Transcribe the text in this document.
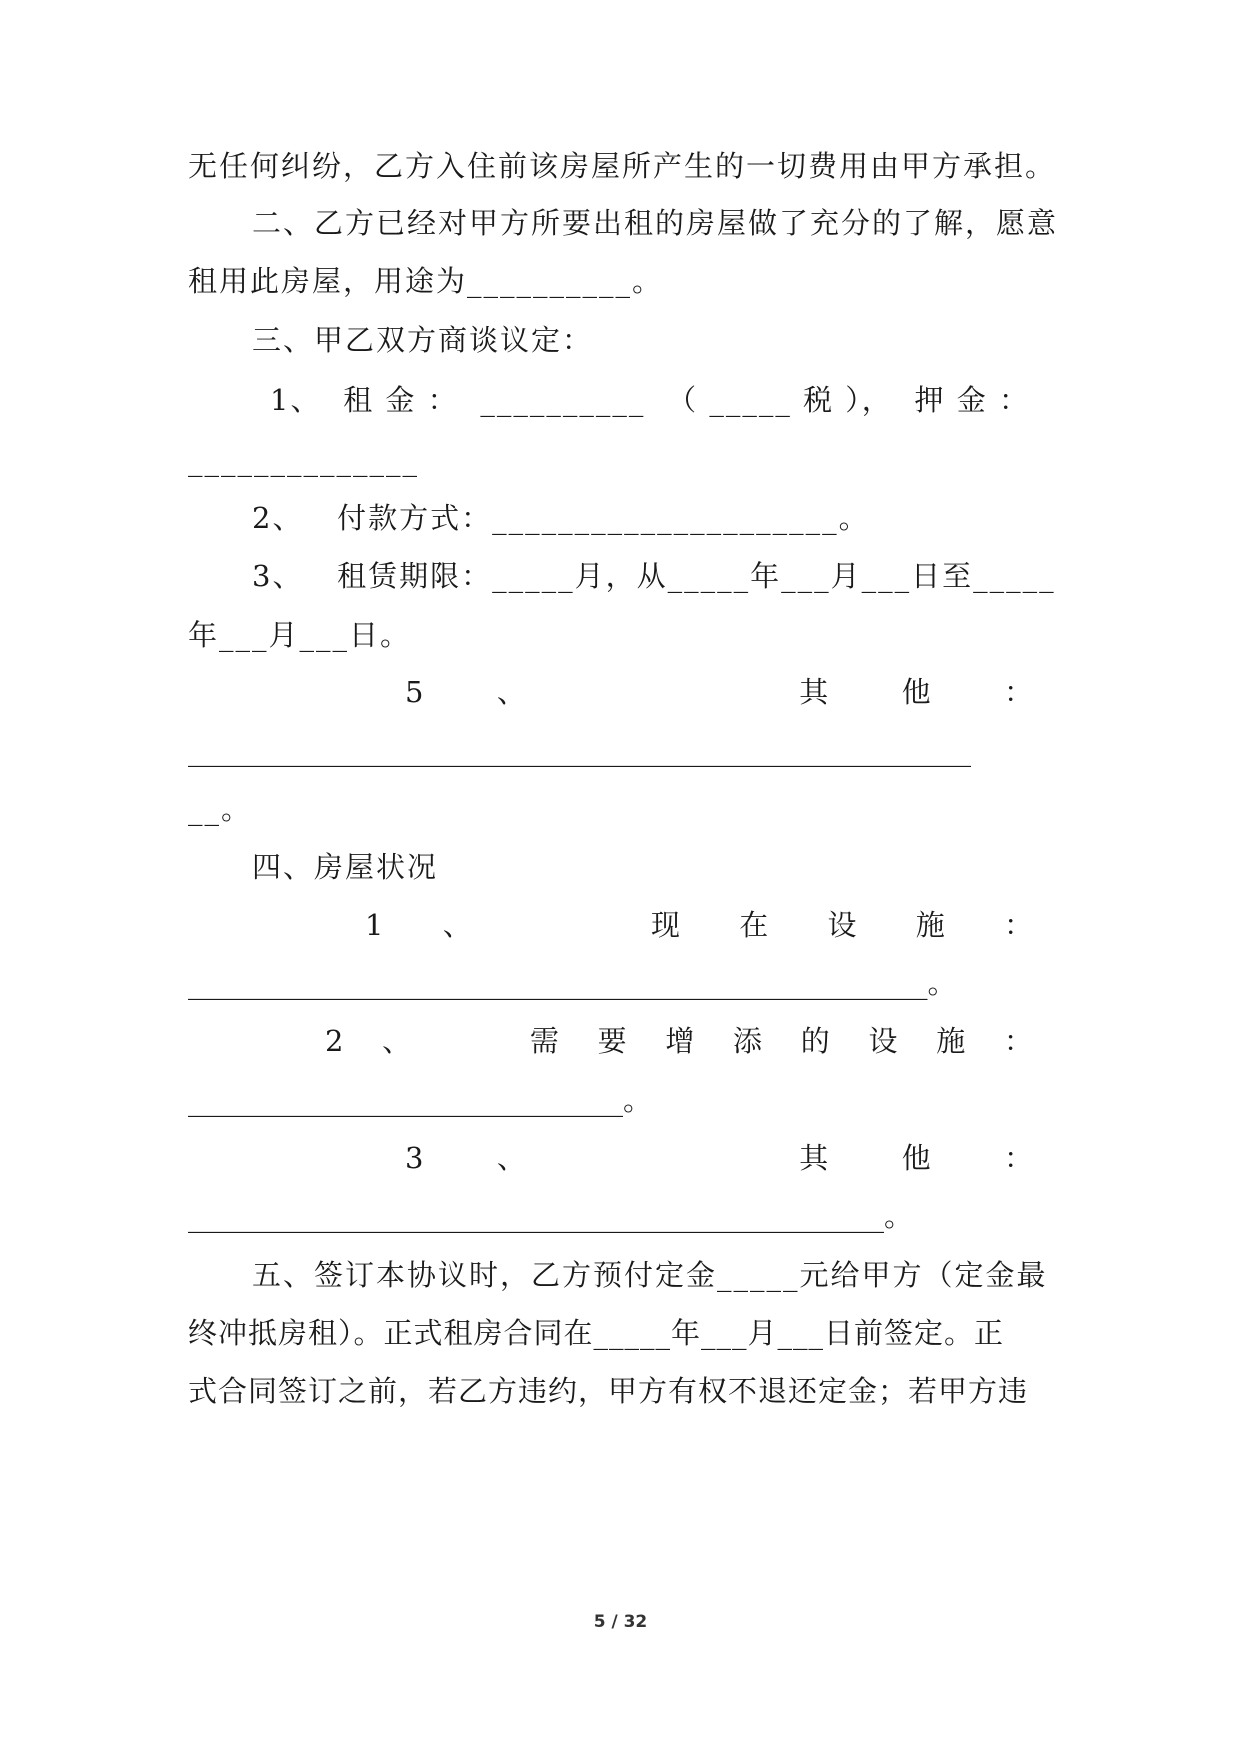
无任何纠纷，乙方入住前该房屋所产生的一切费用由甲方承担。
二、乙方已经对甲方所要出租的房屋做了充分的了解，愿意
租用此房屋，用途为__________。
三、甲乙双方商谈议定：
1、 租 金 ： __________ （ _____ 税 ）， 押 金 ：
______________
2、   付款方式：_____________________。
3、   租赁期限：_____月，从_____年___月___日至_____
年___月___日。
5 、	其 他 ：
______________________________________________________
__。
四、房屋状况
1 、	现 在 设 施 ：
___________________________________________________。
2 、	需 要 增 添 的 设 施 ：
______________________________。
3 、	其 他 ：
________________________________________________。
五、签订本协议时，乙方预付定金_____元给甲方（定金最
终冲抵房租）。正式租房合同在_____年___月___日前签定。正
式合同签订之前，若乙方违约，甲方有权不退还定金；若甲方违
5 / 32
